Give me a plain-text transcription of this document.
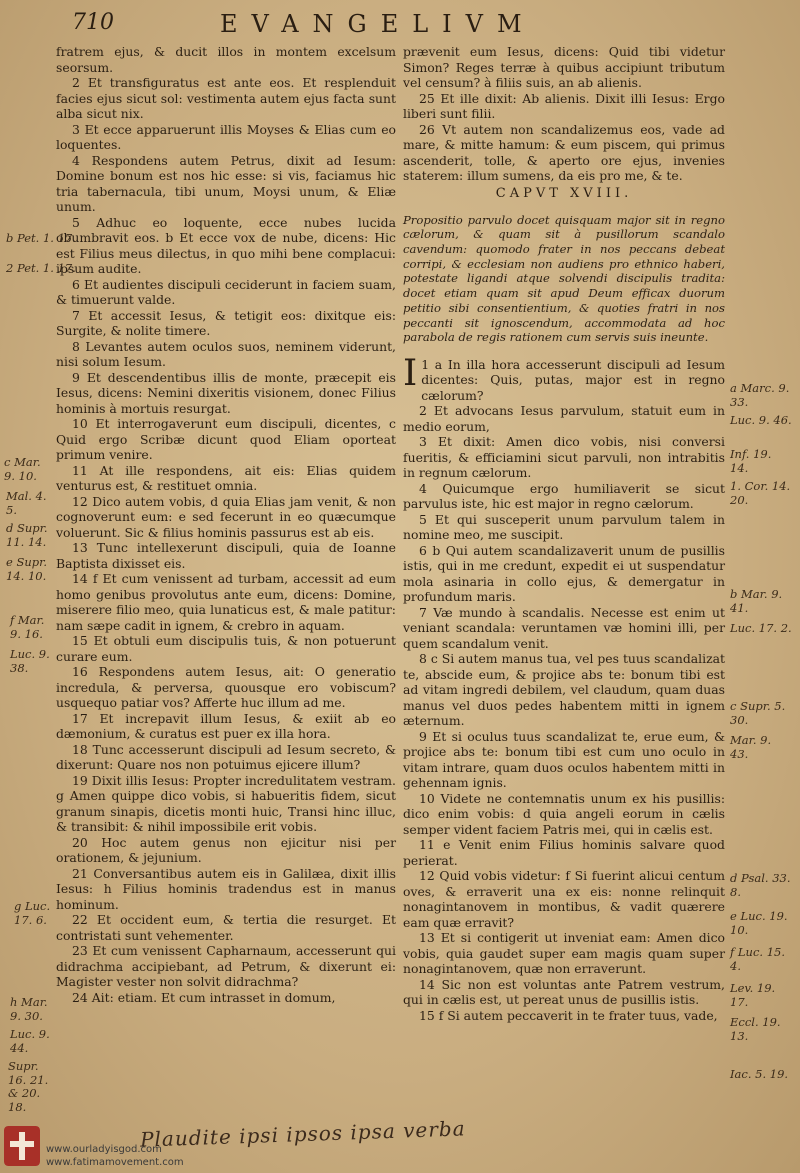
710	EVANGELIVM

fratrem ejus, & ducit illos in montem excelsum seorsum.

2 Et transfiguratus est ante eos. Et resplenduit facies ejus sicut sol: vestimenta autem ejus facta sunt alba sicut nix.

3 Et ecce apparuerunt illis Moyses & Elias cum eo loquentes.

4 Respondens autem Petrus, dixit ad Iesum: Domine bonum est nos hic esse: si vis, faciamus hic tria tabernacula, tibi unum, Moysi unum, & Eliæ unum.

5 Adhuc eo loquente, ecce nubes lucida obumbravit eos. b Et ecce vox de nube, dicens: Hic est Filius meus dilectus, in quo mihi bene complacui: ipsum audite.

6 Et audientes discipuli ceciderunt in faciem suam, & timuerunt valde.

7 Et accessit Iesus, & tetigit eos: dixitque eis: Surgite, & nolite timere.

8 Levantes autem oculos suos, neminem viderunt, nisi solum Iesum.

9 Et descendentibus illis de monte, præcepit eis Iesus, dicens: Nemini dixeritis visionem, donec Filius hominis à mortuis resurgat.

10 Et interrogaverunt eum discipuli, dicentes, c Quid ergo Scribæ dicunt quod Eliam oporteat primum venire.

11 At ille respondens, ait eis: Elias quidem venturus est, & restituet omnia.

12 Dico autem vobis, d quia Elias jam venit, & non cognoverunt eum: e sed fecerunt in eo quæcumque voluerunt. Sic & filius hominis passurus est ab eis.

13 Tunc intellexerunt discipuli, quia de Ioanne Baptista dixisset eis.

14 f Et cum venissent ad turbam, accessit ad eum homo genibus provolutus ante eum, dicens: Domine, miserere filio meo, quia lunaticus est, & male patitur: nam sæpe cadit in ignem, & crebro in aquam.

15 Et obtuli eum discipulis tuis, & non potuerunt curare eum.

16 Respondens autem Iesus, ait: O generatio incredula, & perversa, quousque ero vobiscum? usquequo patiar vos? Afferte huc illum ad me.

17 Et increpavit illum Iesus, & exiit ab eo dæmonium, & curatus est puer ex illa hora.

18 Tunc accesserunt discipuli ad Iesum secreto, & dixerunt: Quare nos non potuimus ejicere illum?

19 Dixit illis Iesus: Propter incredulitatem vestram. g Amen quippe dico vobis, si habueritis fidem, sicut granum sinapis, dicetis monti huic, Transi hinc illuc, & transibit: & nihil impossibile erit vobis.

20 Hoc autem genus non ejicitur nisi per orationem, & jejunium.

21 Conversantibus autem eis in Galilæa, dixit illis Iesus: h Filius hominis tradendus est in manus hominum.

22 Et occident eum, & tertia die resurget. Et contristati sunt vehementer.

23 Et cum venissent Capharnaum, accesserunt qui didrachma accipiebant, ad Petrum, & dixerunt ei: Magister vester non solvit didrachma?

24 Ait: etiam. Et cum intrasset in domum,

prævenit eum Iesus, dicens: Quid tibi videtur Simon? Reges terræ à quibus accipiunt tributum vel censum? à filiis suis, an ab alienis.

25 Et ille dixit: Ab alienis. Dixit illi Iesus: Ergo liberi sunt filii.

26 Vt autem non scandalizemus eos, vade ad mare, & mitte hamum: & eum piscem, qui primus ascenderit, tolle, & aperto ore ejus, invenies staterem: illum sumens, da eis pro me, & te.

CAPVT XVIII.

Propositio parvulo docet quisquam major sit in regno cælorum, & quam sit à pusillorum scandalo cavendum: quomodo frater in nos peccans debeat corripi, & ecclesiam non audiens pro ethnico haberi, potestate ligandi atque solvendi discipulis tradita: docet etiam quam sit apud Deum efficax duorum petitio sibi consentientium, & quoties fratri in nos peccanti sit ignoscendum, accommodata ad hoc parabola de regis rationem cum servis suis ineunte.

I 1 a In illa hora accesserunt discipuli ad Iesum dicentes: Quis, putas, major est in regno cælorum?

2 Et advocans Iesus parvulum, statuit eum in medio eorum,

3 Et dixit: Amen dico vobis, nisi conversi fueritis, & efficiamini sicut parvuli, non intrabitis in regnum cælorum.

4 Quicumque ergo humiliaverit se sicut parvulus iste, hic est major in regno cælorum.

5 Et qui susceperit unum parvulum talem in nomine meo, me suscipit.

6 b Qui autem scandalizaverit unum de pusillis istis, qui in me credunt, expedit ei ut suspendatur mola asinaria in collo ejus, & demergatur in profundum maris.

7 Væ mundo à scandalis. Necesse est enim ut veniant scandala: veruntamen væ homini illi, per quem scandalum venit.

8 c Si autem manus tua, vel pes tuus scandalizat te, abscide eum, & projice abs te: bonum tibi est ad vitam ingredi debilem, vel claudum, quam duas manus vel duos pedes habentem mitti in ignem æternum.

9 Et si oculus tuus scandalizat te, erue eum, & projice abs te: bonum tibi est cum uno oculo in vitam intrare, quam duos oculos habentem mitti in gehennam ignis.

10 Videte ne contemnatis unum ex his pusillis: dico enim vobis: d quia angeli eorum in cælis semper vident faciem Patris mei, qui in cælis est.

11 e Venit enim Filius hominis salvare quod perierat.

12 Quid vobis videtur: f Si fuerint alicui centum oves, & erraverit una ex eis: nonne relinquit nonagintanovem in montibus, & vadit quærere eam quæ erravit?

13 Et si contigerit ut inveniat eam: Amen dico vobis, quia gaudet super eam magis quam super nonagintanovem, quæ non erraverunt.

14 Sic non est voluntas ante Patrem vestrum, qui in cælis est, ut pereat unus de pusillis istis.

15 f Si autem peccaverit in te frater tuus, vade,

b Pet. 1. 17.
2 Pet. 1. 17.
c Mar. 9. 10.
Mal. 4. 5.
d Supr. 11. 14.
e Supr. 14. 10.
f Mar. 9. 16.
Luc. 9. 38.
g Luc. 17. 6.
h Mar. 9. 30.
Luc. 9. 44.
Supr. 16. 21. & 20. 18.
a Marc. 9. 33.
Luc. 9. 46.
Inf. 19. 14.
1. Cor. 14. 20.
b Mar. 9. 41.
Luc. 17. 2.
c Supr. 5. 30.
Mar. 9. 43.
d Psal. 33. 8.
e Luc. 19. 10.
f Luc. 15. 4.
Lev. 19. 17.
Eccl. 19. 13.
Iac. 5. 19.
Plaudite ipsi ipsos ipsa verba
www.ourladyisgod.com
www.fatimamovement.com
